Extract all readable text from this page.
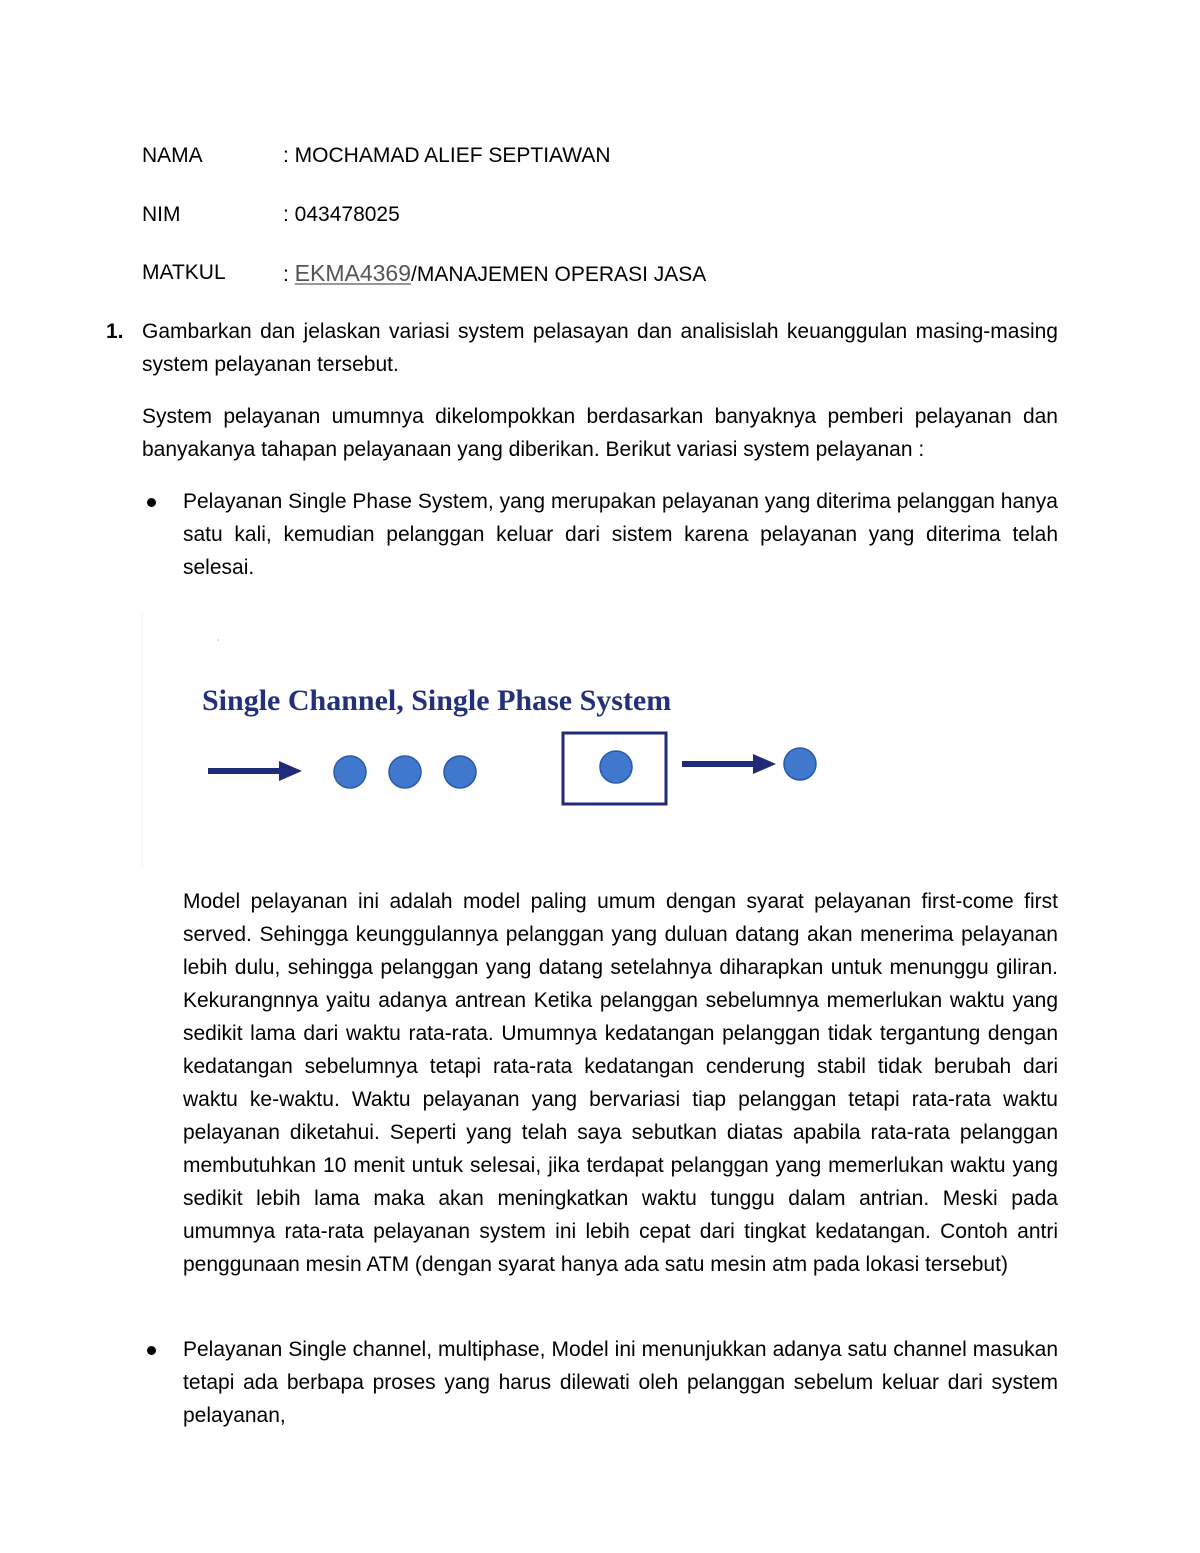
NAMA	: MOCHAMAD ALIEF SEPTIAWAN
NIM	: 043478025
MATKUL	: EKMA4369/MANAJEMEN OPERASI JASA
1. Gambarkan dan jelaskan variasi system pelasayan dan analisislah keuanggulan masing-masing system pelayanan tersebut.

System pelayanan umumnya dikelompokkan berdasarkan banyaknya pemberi pelayanan dan banyakanya tahapan pelayanaan yang diberikan. Berikut variasi system pelayanan :

Pelayanan Single Phase System, yang merupakan pelayanan yang diterima pelanggan hanya satu kali, kemudian pelanggan keluar dari sistem karena pelayanan yang diterima telah selesai.

Single Channel, Single Phase System

Model pelayanan ini adalah model paling umum dengan syarat pelayanan first-come first served. Sehingga keunggulannya pelanggan yang duluan datang akan menerima pelayanan lebih dulu, sehingga pelanggan yang datang setelahnya diharapkan untuk menunggu giliran. Kekurangnnya yaitu adanya antrean Ketika pelanggan sebelumnya memerlukan waktu yang sedikit lama dari waktu rata-rata. Umumnya kedatangan pelanggan tidak tergantung dengan kedatangan sebelumnya tetapi rata-rata kedatangan cenderung stabil tidak berubah dari waktu ke-waktu. Waktu pelayanan yang bervariasi tiap pelanggan tetapi rata-rata waktu pelayanan diketahui. Seperti yang telah saya sebutkan diatas apabila rata-rata pelanggan membutuhkan 10 menit untuk selesai, jika terdapat pelanggan yang memerlukan waktu yang sedikit lebih lama maka akan meningkatkan waktu tunggu dalam antrian. Meski pada umumnya rata-rata pelayanan system ini lebih cepat dari tingkat kedatangan. Contoh antri penggunaan mesin ATM (dengan syarat hanya ada satu mesin atm pada lokasi tersebut)

Pelayanan Single channel, multiphase, Model ini menunjukkan adanya satu channel masukan tetapi ada berbapa proses yang harus dilewati oleh pelanggan sebelum keluar dari system pelayanan,
